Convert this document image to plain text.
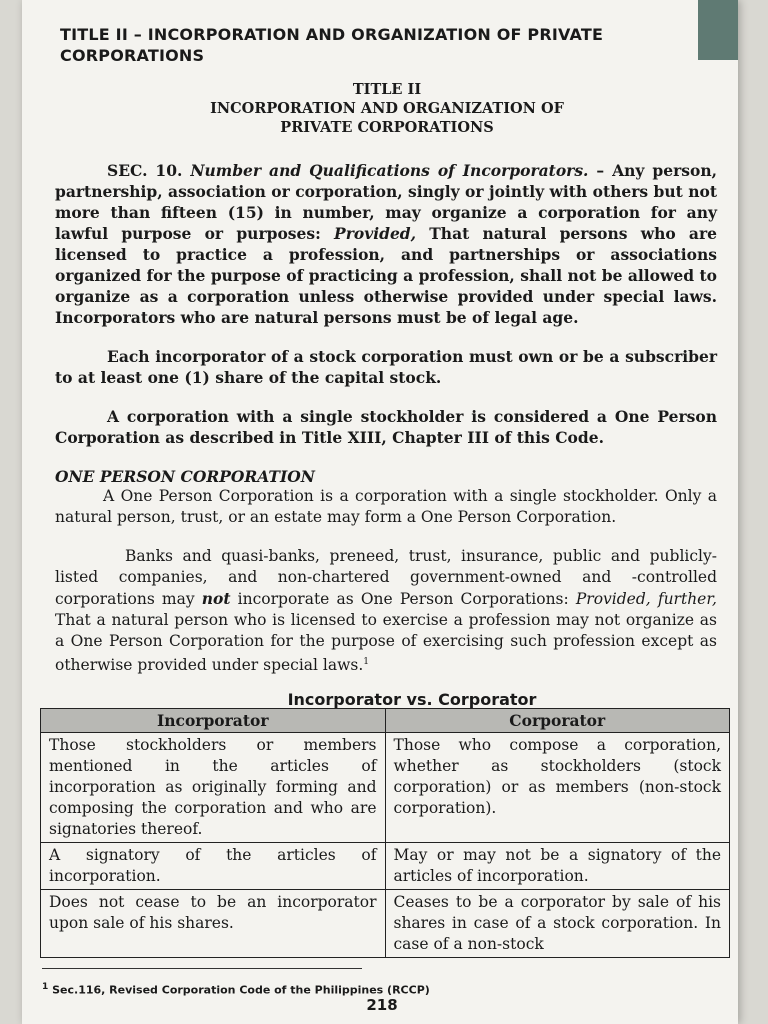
TITLE II – INCORPORATION AND ORGANIZATION OF PRIVATE CORPORATIONS
TITLE II
INCORPORATION AND ORGANIZATION OF
PRIVATE CORPORATIONS
SEC. 10. Number and Qualifications of Incorporators. – Any person, partnership, association or corporation, singly or jointly with others but not more than fifteen (15) in number, may organize a corporation for any lawful purpose or purposes: Provided, That natural persons who are licensed to practice a profession, and partnerships or associations organized for the purpose of practicing a profession, shall not be allowed to organize as a corporation unless otherwise provided under special laws. Incorporators who are natural persons must be of legal age.
Each incorporator of a stock corporation must own or be a subscriber to at least one (1) share of the capital stock.
A corporation with a single stockholder is considered a One Person Corporation as described in Title XIII, Chapter III of this Code.
ONE PERSON CORPORATION
A One Person Corporation is a corporation with a single stockholder. Only a natural person, trust, or an estate may form a One Person Corporation.
Banks and quasi-banks, preneed, trust, insurance, public and publicly-listed companies, and non-chartered government-owned and -controlled corporations may not incorporate as One Person Corporations: Provided, further, That a natural person who is licensed to exercise a profession may not organize as a One Person Corporation for the purpose of exercising such profession except as otherwise provided under special laws.$^1$
Incorporator vs. Corporator
Incorporator	Corporator
Those stockholders or members mentioned in the articles of incorporation as originally forming and composing the corporation and who are signatories thereof.	Those who compose a corporation, whether as stockholders (stock corporation) or as members (non-stock corporation).
A signatory of the articles of incorporation.	May or may not be a signatory of the articles of incorporation.
Does not cease to be an incorporator upon sale of his shares.	Ceases to be a corporator by sale of his shares in case of a stock corporation. In case of a non-stock
$^1$ Sec.116, Revised Corporation Code of the Philippines (RCCP)
218
